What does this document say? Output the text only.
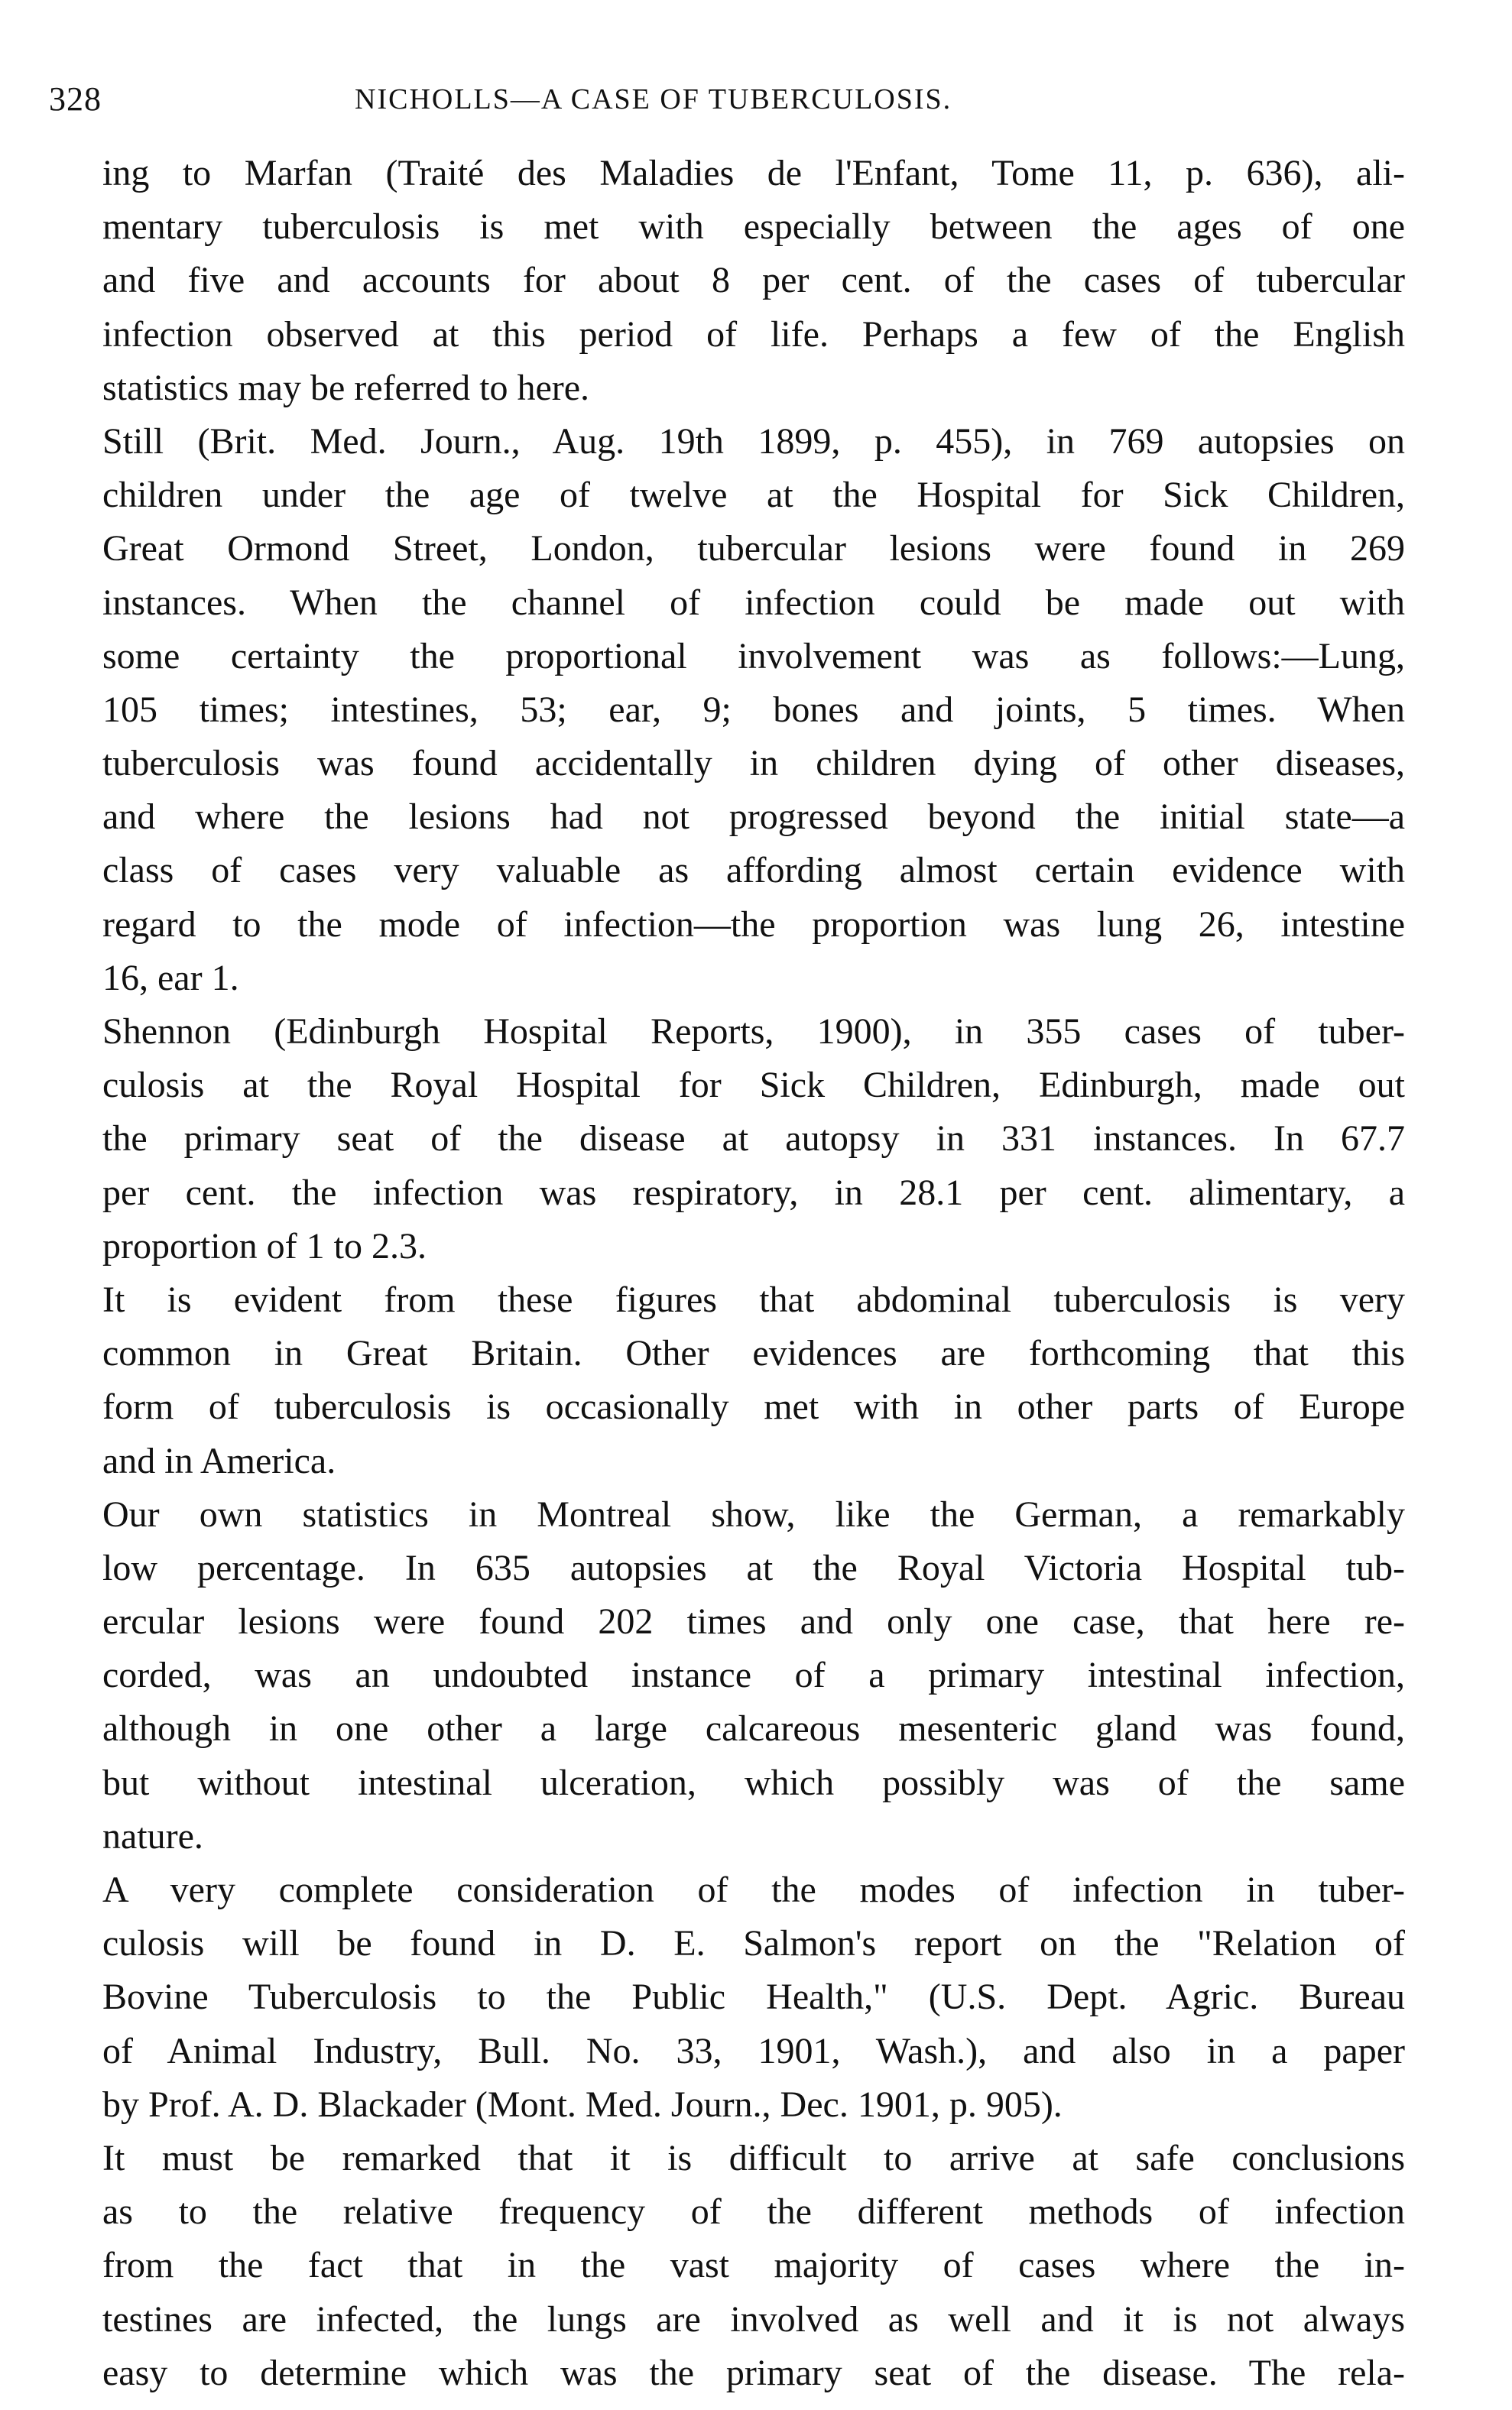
328	NICHOLLS—A CASE OF TUBERCULOSIS.
ing to Marfan (Traité des Maladies de l'Enfant, Tome 11, p. 636), ali-
mentary tuberculosis is met with especially between the ages of one
and five and accounts for about 8 per cent. of the cases of tubercular
infection observed at this period of life. Perhaps a few of the English
statistics may be referred to here.
Still (Brit. Med. Journ., Aug. 19th 1899, p. 455), in 769 autopsies on
children under the age of twelve at the Hospital for Sick Children,
Great Ormond Street, London, tubercular lesions were found in 269
instances. When the channel of infection could be made out with
some certainty the proportional involvement was as follows:—Lung,
105 times; intestines, 53; ear, 9; bones and joints, 5 times. When
tuberculosis was found accidentally in children dying of other diseases,
and where the lesions had not progressed beyond the initial state—a
class of cases very valuable as affording almost certain evidence with
regard to the mode of infection—the proportion was lung 26, intestine
16, ear 1.
Shennon (Edinburgh Hospital Reports, 1900), in 355 cases of tuber-
culosis at the Royal Hospital for Sick Children, Edinburgh, made out
the primary seat of the disease at autopsy in 331 instances. In 67.7
per cent. the infection was respiratory, in 28.1 per cent. alimentary, a
proportion of 1 to 2.3.
It is evident from these figures that abdominal tuberculosis is very
common in Great Britain. Other evidences are forthcoming that this
form of tuberculosis is occasionally met with in other parts of Europe
and in America.
Our own statistics in Montreal show, like the German, a remarkably
low percentage. In 635 autopsies at the Royal Victoria Hospital tub-
ercular lesions were found 202 times and only one case, that here re-
corded, was an undoubted instance of a primary intestinal infection,
although in one other a large calcareous mesenteric gland was found,
but without intestinal ulceration, which possibly was of the same
nature.
A very complete consideration of the modes of infection in tuber-
culosis will be found in D. E. Salmon's report on the "Relation of
Bovine Tuberculosis to the Public Health," (U.S. Dept. Agric. Bureau
of Animal Industry, Bull. No. 33, 1901, Wash.), and also in a paper
by Prof. A. D. Blackader (Mont. Med. Journ., Dec. 1901, p. 905).
It must be remarked that it is difficult to arrive at safe conclusions
as to the relative frequency of the different methods of infection
from the fact that in the vast majority of cases where the in-
testines are infected, the lungs are involved as well and it is not always
easy to determine which was the primary seat of the disease. The rela-
